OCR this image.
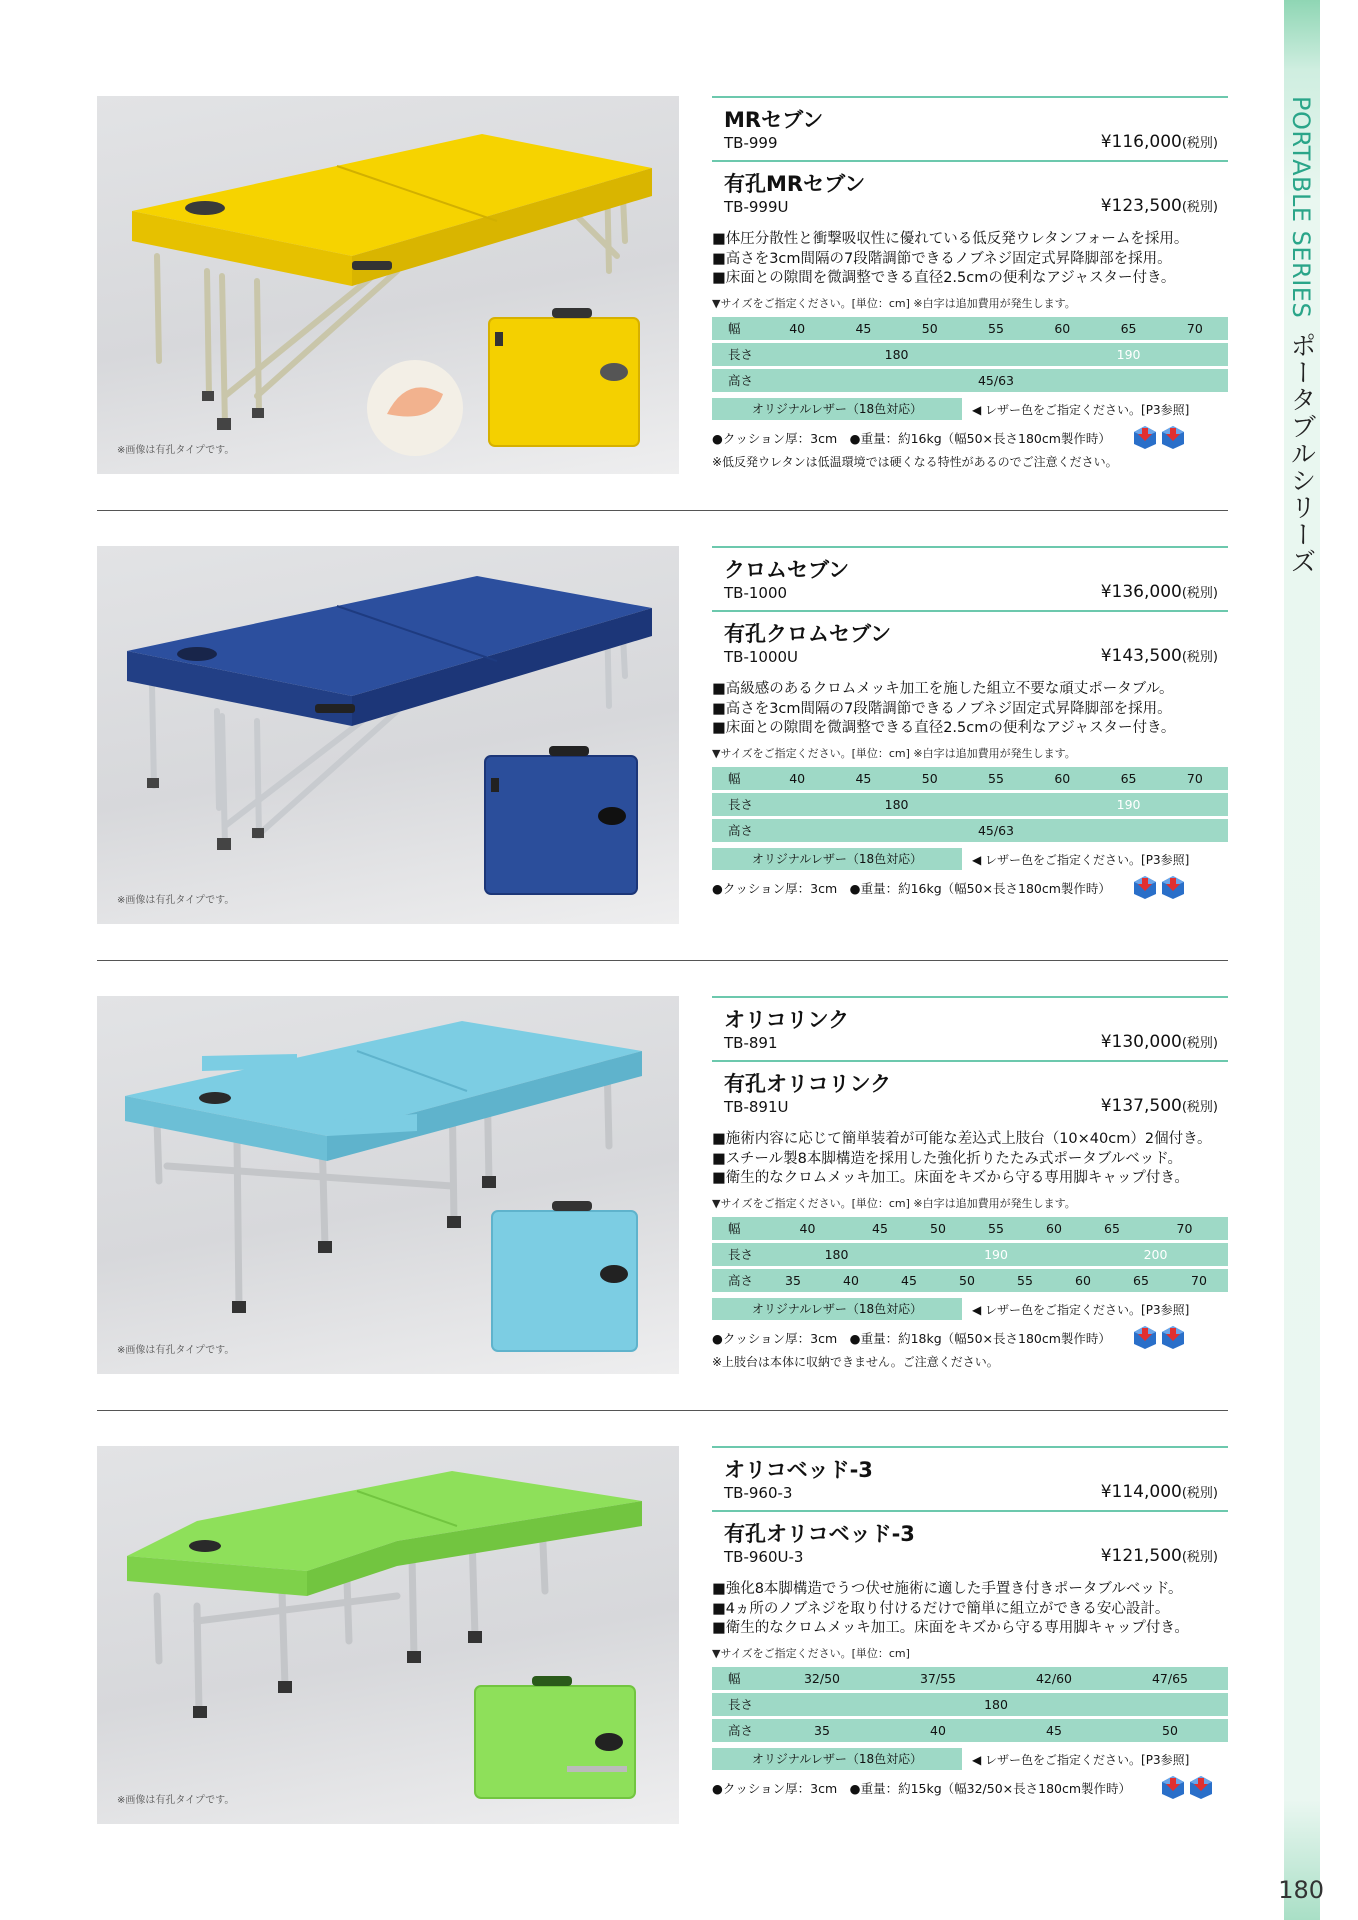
PORTABLE SERIESポータブルシリーズ
※画像は有孔タイプです。
MRセブン
TB-999	¥116,000(税別)
有孔MRセブン
TB-999U	¥123,500(税別)
■体圧分散性と衝撃吸収性に優れている低反発ウレタンフォームを採用。
■高さを3cm間隔の7段階調節できるノブネジ固定式昇降脚部を採用。
■床面との隙間を微調整できる直径2.5cmの便利なアジャスター付き。
▼サイズをご指定ください。[単位：cm] ※白字は追加費用が発生します。
幅	40	45	50	55	60	65	70
長さ	180				190		
高さ	45/63						
オリジナルレザー（18色対応）	◀ レザー色をご指定ください。[P3参照]
●クッション厚：3cm　●重量：約16kg（幅50×長さ180cm製作時）
※低反発ウレタンは低温環境では硬くなる特性があるのでご注意ください。
※画像は有孔タイプです。
クロムセブン
TB-1000	¥136,000(税別)
有孔クロムセブン
TB-1000U	¥143,500(税別)
■高級感のあるクロムメッキ加工を施した組立不要な頑丈ポータブル。
■高さを3cm間隔の7段階調節できるノブネジ固定式昇降脚部を採用。
■床面との隙間を微調整できる直径2.5cmの便利なアジャスター付き。
▼サイズをご指定ください。[単位：cm] ※白字は追加費用が発生します。
幅	40	45	50	55	60	65	70
長さ	180				190		
高さ	45/63						
オリジナルレザー（18色対応）	◀ レザー色をご指定ください。[P3参照]
●クッション厚：3cm　●重量：約16kg（幅50×長さ180cm製作時）
※画像は有孔タイプです。
オリコリンク
TB-891	¥130,000(税別)
有孔オリコリンク
TB-891U	¥137,500(税別)
■施術内容に応じて簡単装着が可能な差込式上肢台（10×40cm）2個付き。
■スチール製8本脚構造を採用した強化折りたたみ式ポータブルベッド。
■衛生的なクロムメッキ加工。床面をキズから守る専用脚キャップ付き。
▼サイズをご指定ください。[単位：cm] ※白字は追加費用が発生します。
幅	40		45		50		55		60		65		70	
長さ	180				190						200			
高さ	35	40		45		50		55		60		65		70
オリジナルレザー（18色対応）	◀ レザー色をご指定ください。[P3参照]
●クッション厚：3cm　●重量：約18kg（幅50×長さ180cm製作時）
※上肢台は本体に収納できません。ご注意ください。
※画像は有孔タイプです。
オリコベッド-3
TB-960-3	¥114,000(税別)
有孔オリコベッド-3
TB-960U-3	¥121,500(税別)
■強化8本脚構造でうつ伏せ施術に適した手置き付きポータブルベッド。
■4ヵ所のノブネジを取り付けるだけで簡単に組立ができる安心設計。
■衛生的なクロムメッキ加工。床面をキズから守る専用脚キャップ付き。
▼サイズをご指定ください。[単位：cm]
幅	32/50	37/55	42/60	47/65
長さ	180			
高さ	35	40	45	50
オリジナルレザー（18色対応）	◀ レザー色をご指定ください。[P3参照]
●クッション厚：3cm　●重量：約15kg（幅32/50×長さ180cm製作時）
180
